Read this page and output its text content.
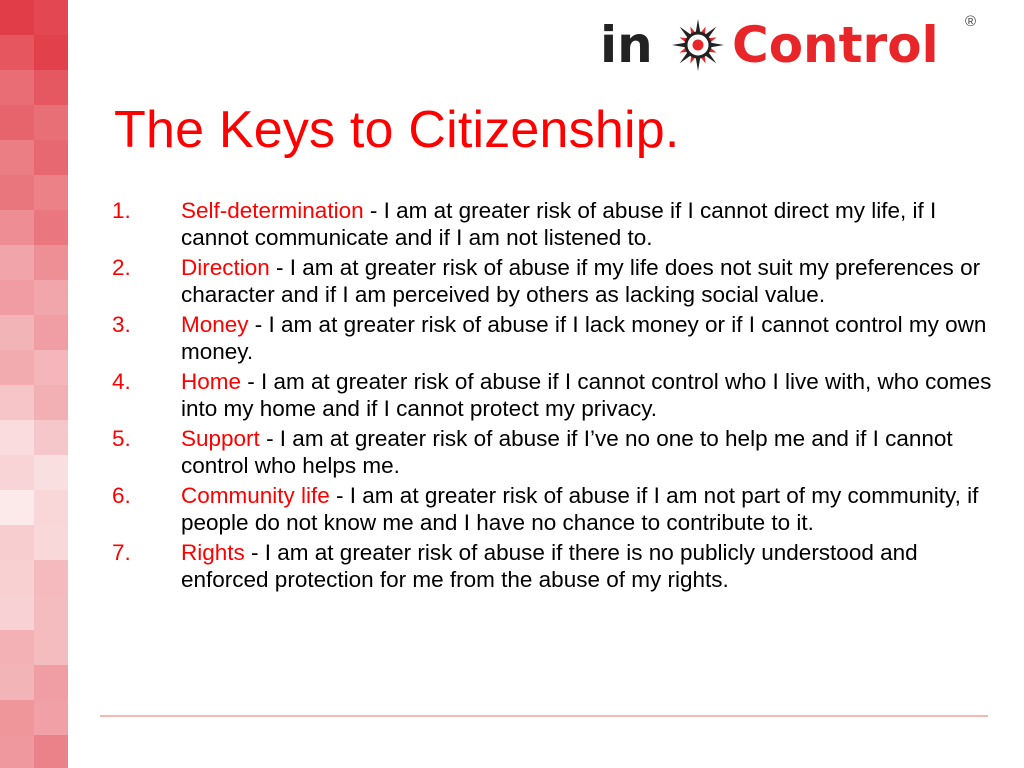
in Control ®
The Keys to Citizenship.
1. Self-determination - I am at greater risk of abuse if I cannot direct my life, if I cannot communicate and if I am not listened to.
2. Direction - I am at greater risk of abuse if my life does not suit my preferences or character and if I am perceived by others as lacking social value.
3. Money - I am at greater risk of abuse if I lack money or if I cannot control my own money.
4. Home - I am at greater risk of abuse if I cannot control who I live with, who comes into my home and if I cannot protect my privacy.
5. Support - I am at greater risk of abuse if I’ve no one to help me and if I cannot control who helps me.
6. Community life - I am at greater risk of abuse if I am not part of my community, if people do not know me and I have no chance to contribute to it.
7. Rights - I am at greater risk of abuse if there is no publicly understood and enforced protection for me from the abuse of my rights.
